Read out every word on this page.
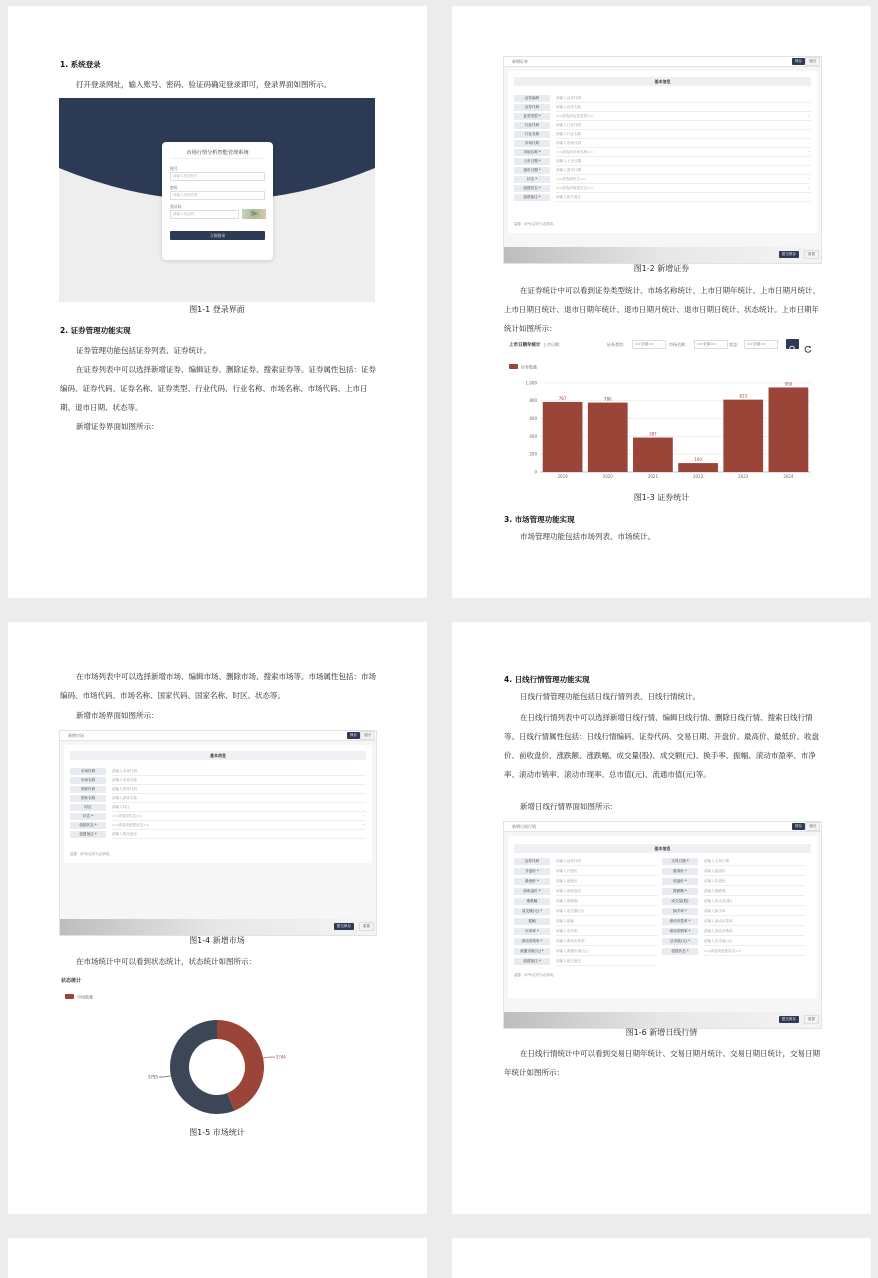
1. 系统登录
打开登录网址，输入账号、密码、验证码确定登录即可，登录界面如图所示。
市场行情分析智能管理系统
账号
请输入登录账号
密码
请输入登录密码
验证码
请输入验证码	7Jm
立即登录
图1-1 登录界面
2. 证券管理功能实现
证券管理功能包括证券列表、证券统计。
在证券列表中可以选择新增证券、编辑证券、删除证券、搜索证券等。证券属性包括：证券编码、证券代码、证券名称、证券类型、行业代码、行业名称、市场名称、市场代码、上市日期、退市日期、状态等。
新增证券界面如图所示：
新增证券	保存	返回
基本信息
证券编码	请输入证券代码
证券代码	请输入证券名称
证券类型 *	==请选择证券类型==	⌄
行业代码	请输入行业代码
行业名称	请输入行业名称
市场代码	请输入市场代码
市场名称 *	==请选择市场名称==	⌄
上市日期 *	请输入上市日期
退市日期 *	请输入退市日期
状态 *	==请选择状态==	⌄
创建状态 *	==请选择创建状态==	⌄
创建备注 *	请输入相关备注
温馨：用*标注的为必填项。
提交保存	重置
图1-2 新增证券
在证券统计中可以看到证券类型统计、市场名称统计、上市日期年统计、上市日期月统计、上市日期日统计、退市日期年统计、退市日期月统计、退市日期日统计、状态统计。上市日期年统计如图所示：
上市日期年统计 上市日期：	证券类型：	==全部==	市场名称：	==全部==	状态：	==全部==
证券数量
0
200
400
600
800
1,000
787
2019
780
2020
387
2021
100
2022
813
2023
950
2024
图1-3 证券统计
3. 市场管理功能实现
市场管理功能包括市场列表、市场统计。
在市场列表中可以选择新增市场、编辑市场、删除市场、搜索市场等。市场属性包括：市场编码、市场代码、市场名称、国家代码、国家名称、时区、状态等。
新增市场界面如图所示：
新增市场	保存	返回
基本信息
市场代码	请输入市场代码
市场名称	请输入市场名称
国家代码	请输入国家代码
国家名称	请输入国家名称
时区	请输入时区
状态 *	==请选择状态==	⌄
创建状态 *	==请选择创建状态==	⌄
创建备注 *	请输入相关备注
温馨：用*标注的为必填项。
提交保存	重置
图1-4 新增市场
在市场统计中可以看到状态统计，状态统计如图所示：
状态统计
市场数量
5?44
5?55
图1-5 市场统计
4. 日线行情管理功能实现
日线行情管理功能包括日线行情列表、日线行情统计。
在日线行情列表中可以选择新增日线行情、编辑日线行情、删除日线行情、搜索日线行情等。日线行情属性包括：日线行情编码、证券代码、交易日期、开盘价、最高价、最低价、收盘价、前收盘价、涨跌额、涨跌幅、成交量(股)、成交额(元)、换手率、振幅、滚动市盈率、市净率、滚动市销率、滚动市现率、总市值(元)、流通市值(元)等。
新增日线行情界面如图所示：
新增日线行情	保存	返回
基本信息
证券代码	请输入证券代码	交易日期 *	请输入交易日期
开盘价 *	请输入开盘价	最高价 *	请输入最高价
最低价 *	请输入最低价	收盘价 *	请输入收盘价
前收盘价 *	请输入前收盘价	涨跌额 *	请输入涨跌额
涨跌幅	请输入涨跌幅	成交量(股)	请输入成交量(股)
成交额(元) *	请输入成交额(元)	换手率 *	请输入换手率
振幅	请输入振幅	滚动市盈率 *	请输入滚动市盈率
市净率 *	请输入市净率	滚动市销率 *	请输入滚动市销率
滚动市现率 *	请输入滚动市现率	总市值(元) *	请输入总市值(元)
流通市值(元) *	请输入流通市值(元)	创建状态 *	==请选择创建状态==
创建备注 *	请输入相关备注
温馨：用*标注的为必填项。
提交保存	重置
图1-6 新增日线行情
在日线行情统计中可以看到交易日期年统计、交易日期月统计、交易日期日统计，交易日期年统计如图所示：
